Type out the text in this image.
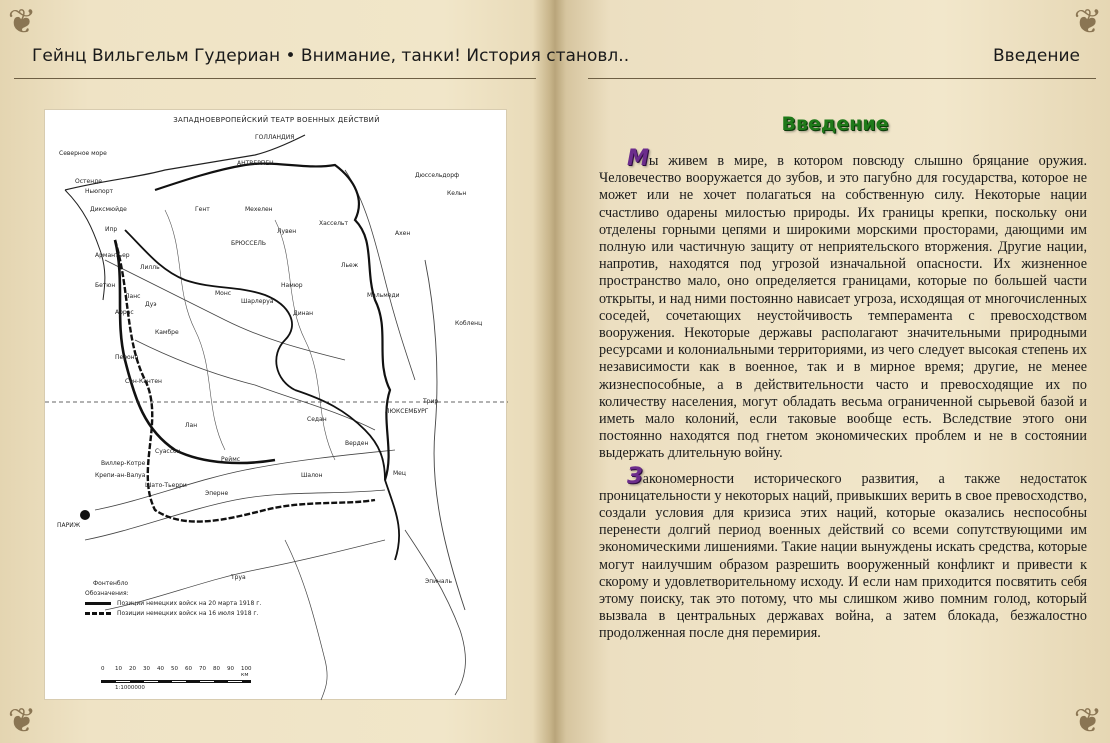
❦
❦
Гейнц Вильгельм Гудериан • Внимание, танки! История становл..
ЗАПАДНОЕВРОПЕЙСКИЙ ТЕАТР ВОЕННЫХ ДЕЙСТВИЙ
Северное море
ГОЛЛАНДИЯ
Остенде
Ньюпорт
Диксмюйде
Ипр
Армантьер
Лилль
Бетюн
Ланс
Аррас
Дуэ
Камбре
Перонн
Сен-Кантен
АНТВЕРПЕН
Мехелен
Гент
Лувен
БРЮССЕЛЬ
Льеж
Хассельт
Намюр
Монс
Шарлеруа
Мальмеди
Динан
Лан
Реймс
Суассон
Виллер-Котре
Крепи-ан-Валуа
Шато-Тьерри
Шалон
Эперне
ПАРИЖ
Фонтенбло
Труа
Эпиналь
Мец
Верден
Трир
Кельн
Ахен
Дюссельдорф
Кобленц
ЛЮКСЕМБУРГ
Седан
Обозначения:
Позиции немецких войск на 20 марта 1918 г.
Позиции немецких войск на 16 июля 1918 г.
0	10	20	30	40	50	60	70	80	90	100 км
1:1000000
❦
❦
Введение
Введение

Мы живем в мире, в котором повсюду слышно бряцание оружия. Человечество вооружается до зубов, и это пагубно для государства, которое не может или не хочет полагаться на собственную силу. Некоторые нации счастливо одарены милостью природы. Их границы крепки, поскольку они отделены горными цепями и широкими морскими просторами, дающими им полную или частичную защиту от неприятельского вторжения. Другие нации, напротив, находятся под угрозой изначальной опасности. Их жизненное пространство мало, оно определяется границами, которые по большей части открыты, и над ними постоянно нависает угроза, исходящая от многочисленных соседей, сочетающих неустойчивость темперамента с превосходством вооружения. Некоторые державы располагают значительными природными ресурсами и колониальными территориями, из чего следует высокая степень их независимости как в военное, так и в мирное время; другие, не менее жизнеспособные, а в действительности часто и превосходящие их по количеству населения, могут обладать весьма ограниченной сырьевой базой и иметь мало колоний, если таковые вообще есть. Вследствие этого они постоянно находятся под гнетом экономических проблем и не в состоянии выдержать длительную войну.

Закономерности исторического развития, а также недостаток проницательности у некоторых наций, привыкших верить в свое превосходство, создали условия для кризиса этих наций, которые оказались неспособны перенести долгий период военных действий со всеми сопутствующими им экономическими лишениями. Такие нации вынуждены искать средства, которые могут наилучшим образом разрешить вооруженный конфликт и привести к скорому и удовлетворительному исходу. И если нам приходится посвятить себя этому поиску, так это потому, что мы слишком живо помним голод, который вызвала в центральных державах война, а затем блокада, безжалостно продолженная после дня перемирия.
